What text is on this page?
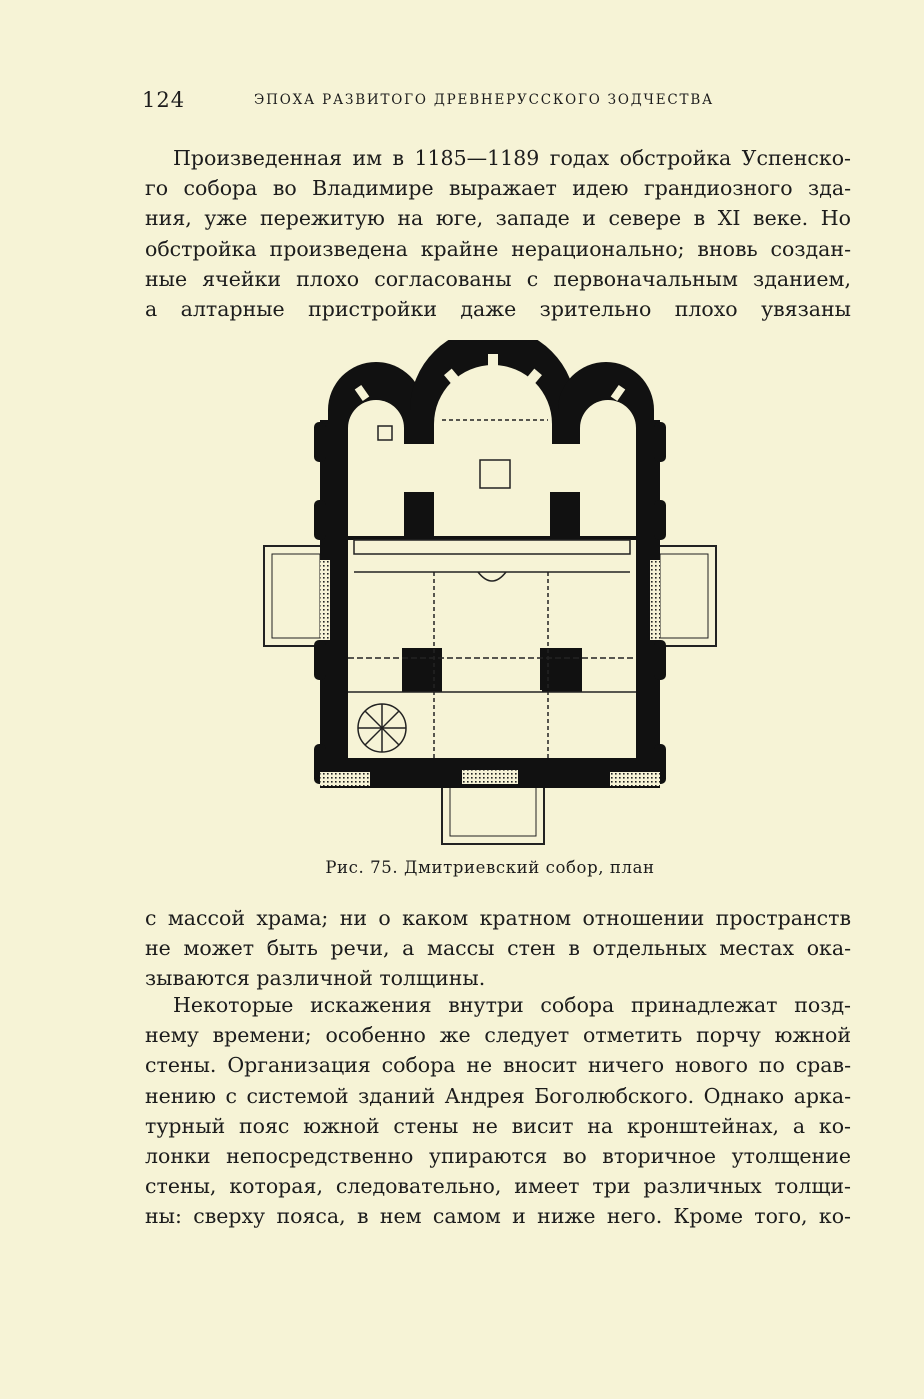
124	ЭПОХА РАЗВИТОГО ДРЕВНЕРУССКОГО ЗОДЧЕСТВА

Произведенная им в 1185—1189 годах обстройка Успенско-
го собора во Владимире выражает идею грандиозного зда-
ния, уже пережитую на юге, западе и севере в XI веке. Но
обстройка произведена крайне нерационально; вновь создан-
ные ячейки плохо согласованы с первоначальным зданием,
а алтарные пристройки даже зрительно плохо увязаны

Рис. 75. Дмитриевский собор, план

с массой храма; ни о каком кратном отношении пространств
не может быть речи, а массы стен в отдельных местах ока-
зываются различной толщины.

Некоторые искажения внутри собора принадлежат позд-
нему времени; особенно же следует отметить порчу южной
стены. Организация собора не вносит ничего нового по срав-
нению с системой зданий Андрея Боголюбского. Однако арка-
турный пояс южной стены не висит на кронштейнах, а ко-
лонки непосредственно упираются во вторичное утолщение
стены, которая, следовательно, имеет три различных толщи-
ны: сверху пояса, в нем самом и ниже него. Кроме того, ко-
